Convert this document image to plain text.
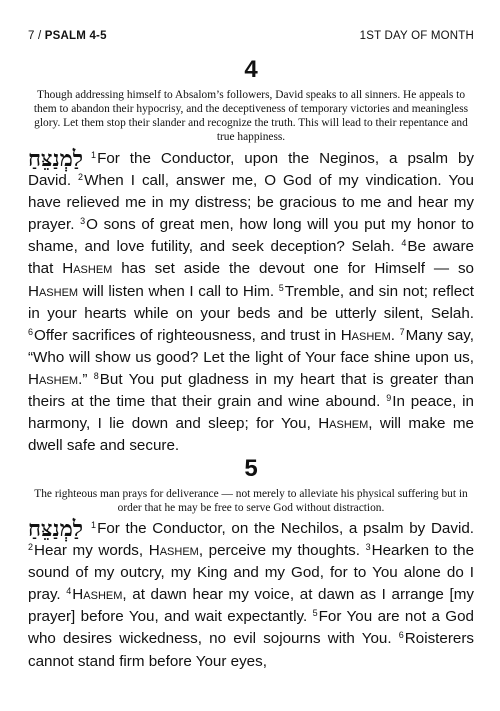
7 / PSALM 4-5	1ST DAY OF MONTH
4
Though addressing himself to Absalom’s followers, David speaks to all sinners. He appeals to them to abandon their hypocrisy, and the deceptiveness of temporary victories and meaningless glory. Let them stop their slander and recognize the truth. This will lead to their repentance and true happiness.
לַמְנַצֵּחַ $^1$For the Conductor, upon the Neginos, a psalm by David. $^2$When I call, answer me, O God of my vindication. You have relieved me in my distress; be gracious to me and hear my prayer. $^3$O sons of great men, how long will you put my honor to shame, and love futility, and seek deception? Selah. $^4$Be aware that Hashem has set aside the devout one for Himself — so Hashem will listen when I call to Him. $^5$Tremble, and sin not; reflect in your hearts while on your beds and be utterly silent, Selah. $^6$Offer sacrifices of righteousness, and trust in Hashem. $^7$Many say, “Who will show us good? Let the light of Your face shine upon us, Hashem.” $^8$But You put gladness in my heart that is greater than theirs at the time that their grain and wine abound. $^9$In peace, in harmony, I lie down and sleep; for You, Hashem, will make me dwell safe and secure.
5
The righteous man prays for deliverance — not merely to alleviate his physical suffering but in order that he may be free to serve God without distraction.
לַמְנַצֵּחַ $^1$For the Conductor, on the Nechilos, a psalm by David. $^2$Hear my words, Hashem, perceive my thoughts. $^3$Hearken to the sound of my outcry, my King and my God, for to You alone do I pray. $^4$Hashem, at dawn hear my voice, at dawn as I arrange [my prayer] before You, and wait expectantly. $^5$For You are not a God who desires wickedness, no evil sojourns with You. $^6$Roisterers cannot stand firm before Your eyes,
